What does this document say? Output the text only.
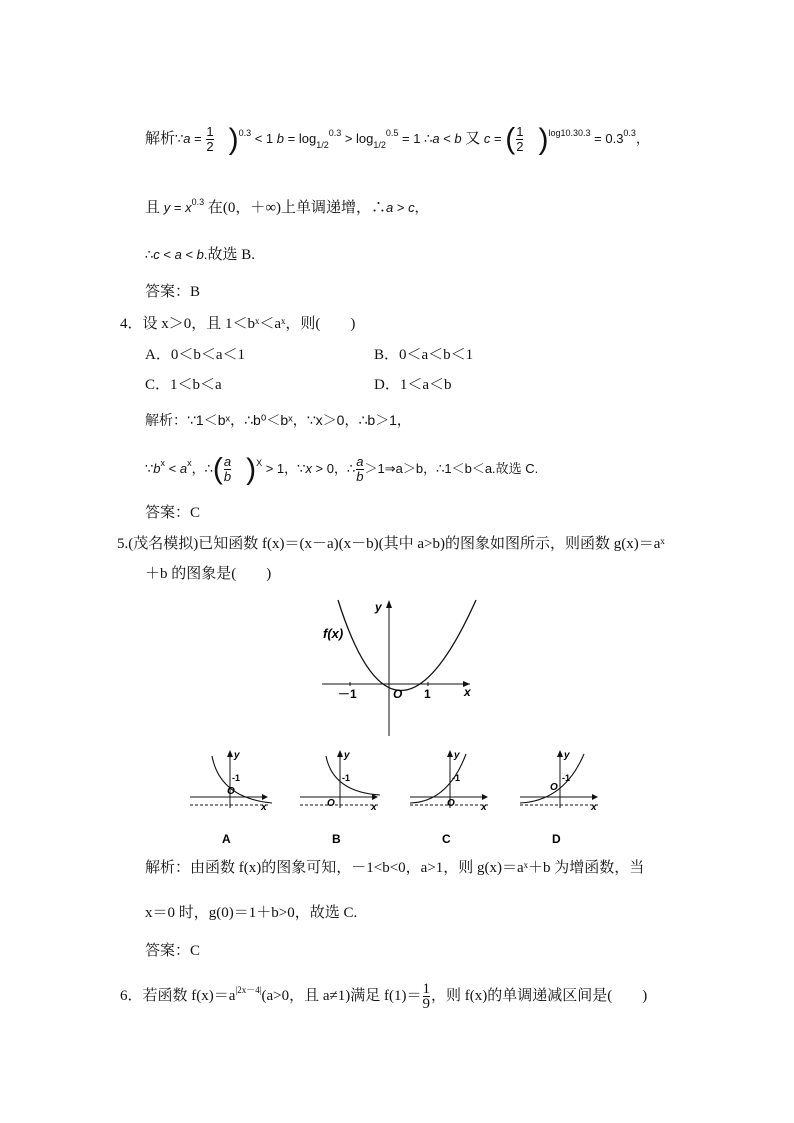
解析∵a = $\frac{1}{2} )^{0.3} < 1$ $b = \log_{1/2}^{0.3} > \log_{1/2}^{0.5} = 1$ ∴a < b 又 c = ( $\frac{1}{2} )^{log10.30.3} = 0.3^{0.3}$，
且 $y = x^{0.3}$ 在(0，＋∞)上单调递增，∴a > c，
∴c < a < b.故选 B.
答案：B
4．设 x＞0，且 1＜bˣ＜aˣ，则(　　)
A．0＜b＜a＜1	B．0＜a＜b＜1
C．1＜b＜a	D．1＜a＜b
解析：∵1＜bˣ，∴b⁰＜bˣ，∵x＞0，∴b＞1，
$\because b^x < a^x$，∴( $\frac{a}{b} )^X > 1$，∵x > 0，∴ $\frac{a}{b}$ ＞1⇒a＞b，∴1＜b＜a.故选 C.
答案：C
5.(茂名模拟)已知函数 f(x)＝(x－a)(x－b)(其中 a>b)的图象如图所示，则函数 g(x)＝aˣ
＋b 的图象是(　　)
y
x
O
f(x)
－1	1
y
x
O
-1
A
y
x
O
-1
B
y
x
O
-1
C
y
x
O
-1
D
解析：由函数 f(x)的图象可知，－1<b<0，a>1，则 g(x)＝aˣ＋b 为增函数，当
x＝0 时，g(0)＝1＋b>0，故选 C.
答案：C
6．若函数 $f(x)=a^{|2x-4|}(a>0$，且 a≠1)满足 $f(1)= \frac{1}{9}$ ，则 f(x)的单调递减区间是(　　)
